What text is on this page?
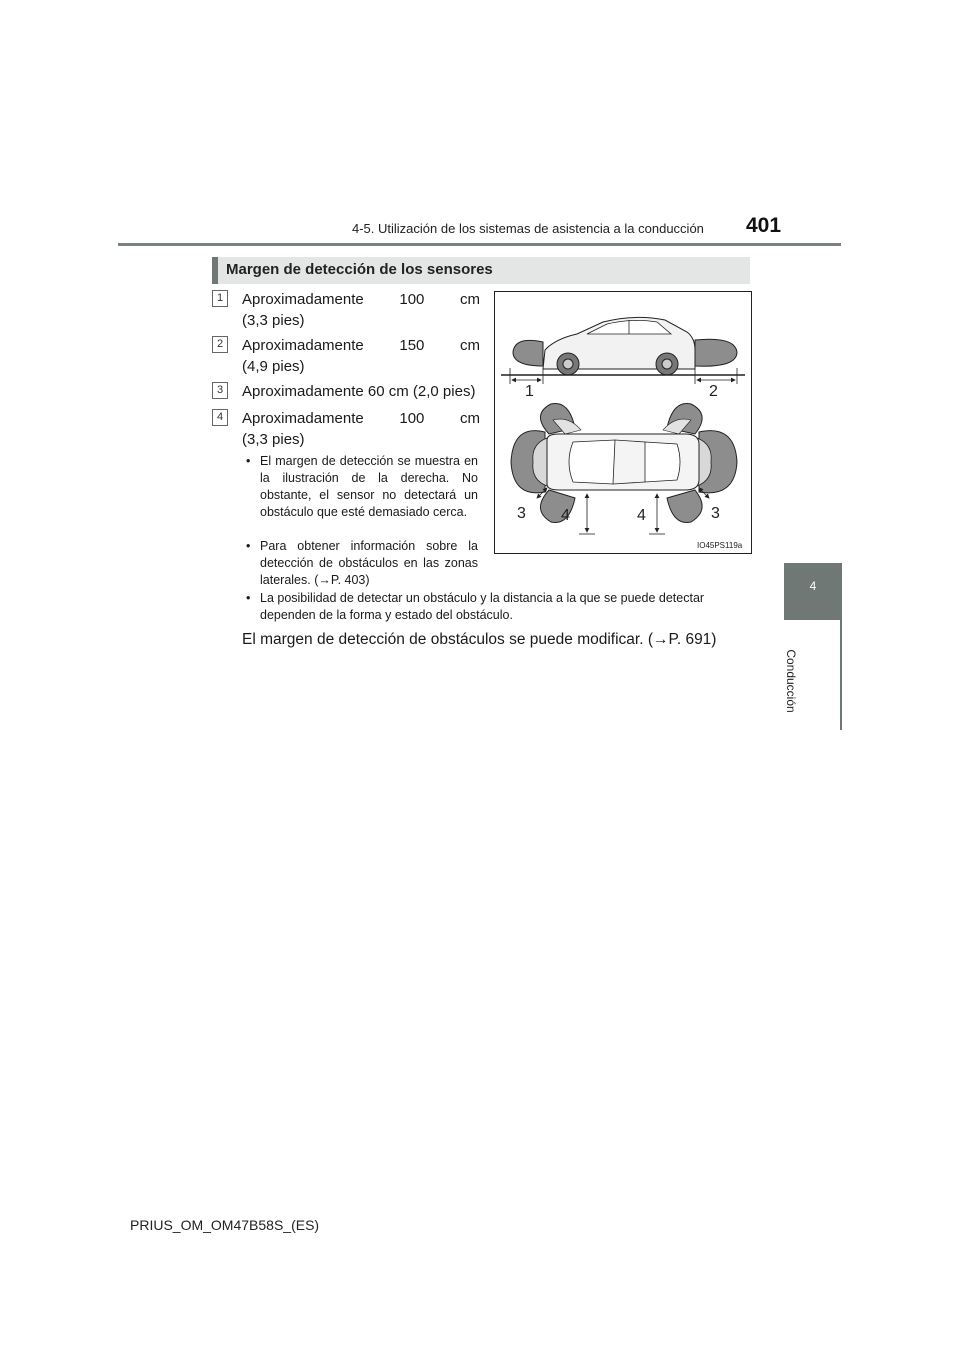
4-5. Utilización de los sistemas de asistencia a la conducción 401
4
Conducción
Margen de detección de los sensores
1	Aproximadamente 100 cm
(3,3 pies)
2	Aproximadamente 150 cm
(4,9 pies)
3	Aproximadamente 60 cm (2,0 pies)
4	Aproximadamente 100 cm
(3,3 pies)
• El margen de detección se muestra en la ilustración de la derecha. No obstante, el sensor no detectará un obstáculo que esté demasiado cerca.
• Para obtener información sobre la detección de obstáculos en las zonas laterales. (→P. 403)
• La posibilidad de detectar un obstáculo y la distancia a la que se puede detectar dependen de la forma y estado del obstáculo.
El margen de detección de obstáculos se puede modificar. (→P. 691)
1	2
3 4	4	3
IO45PS119a
PRIUS_OM_OM47B58S_(ES)
